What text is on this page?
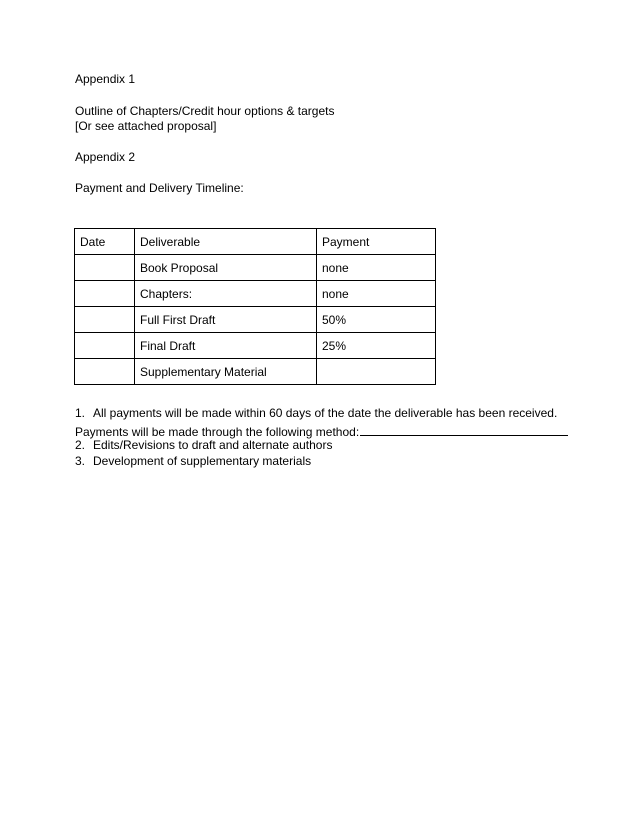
Appendix 1
Outline of Chapters/Credit hour options & targets
[Or see attached proposal]
Appendix 2
Payment and Delivery Timeline:
Date	Deliverable	Payment
	Book Proposal	none
	Chapters:	none
	Full First Draft	50%
	Final Draft	25%
	Supplementary Material	
1. All payments will be made within 60 days of the date the deliverable has been received.
Payments will be made through the following method:
2. Edits/Revisions to draft and alternate authors
3. Development of supplementary materials
